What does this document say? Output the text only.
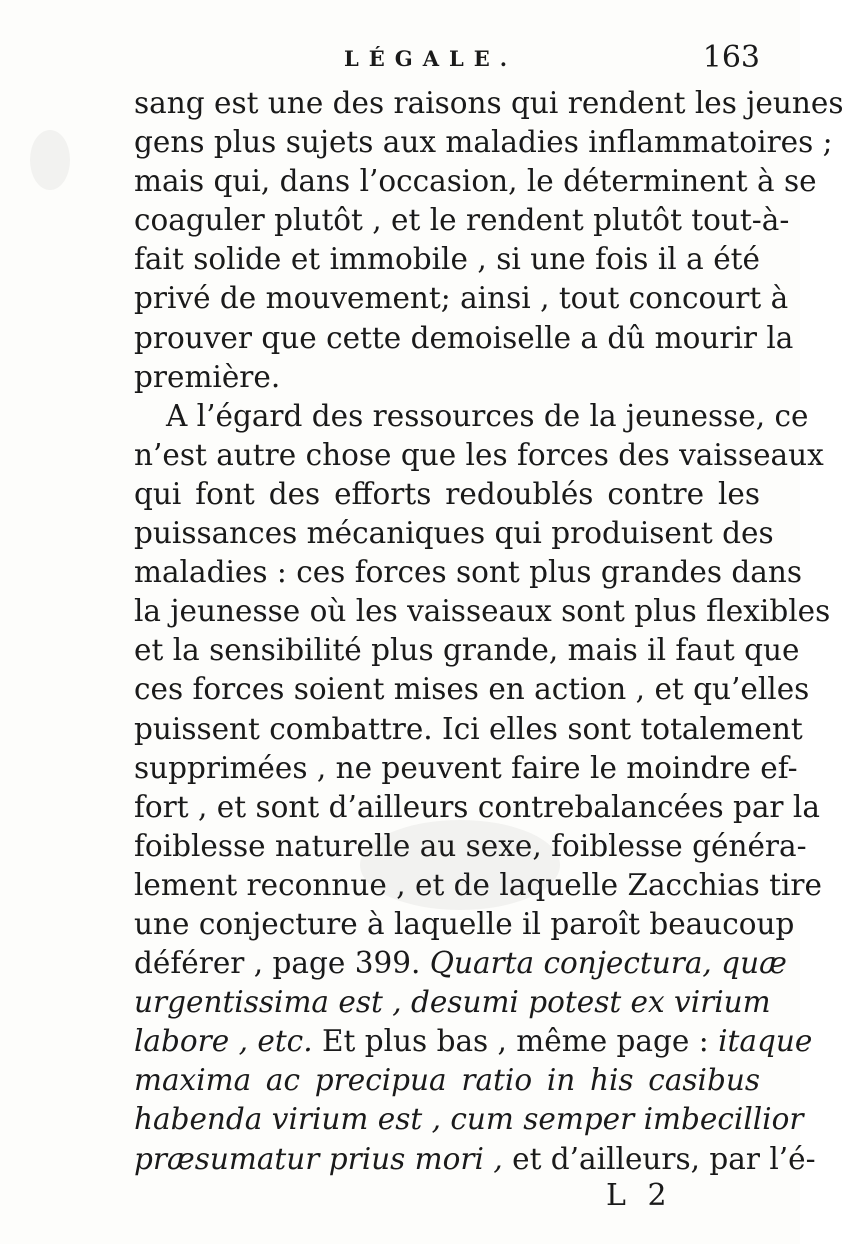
LÉGALE.	163
sang est une des raisons qui rendent les jeunes
gens plus sujets aux maladies inflammatoires ;
mais qui, dans l’occasion, le déterminent à se
coaguler plutôt , et le rendent plutôt tout-à-
fait solide et immobile , si une fois il a été
privé de mouvement; ainsi , tout concourt à
prouver que cette demoiselle a dû mourir la
première.
A l’égard des ressources de la jeunesse, ce
n’est autre chose que les forces des vaisseaux
qui font des efforts redoublés contre les
puissances mécaniques qui produisent des
maladies : ces forces sont plus grandes dans
la jeunesse où les vaisseaux sont plus flexibles
et la sensibilité plus grande, mais il faut que
ces forces soient mises en action , et qu’elles
puissent combattre. Ici elles sont totalement
supprimées , ne peuvent faire le moindre ef-
fort , et sont d’ailleurs contrebalancées par la
foiblesse naturelle au sexe, foiblesse généra-
lement reconnue , et de laquelle Zacchias tire
une conjecture à laquelle il paroît beaucoup
déférer , page 399. Quarta conjectura, quæ
urgentissima est , desumi potest ex virium
labore , etc. Et plus bas , même page : itaque
maxima ac precipua ratio in his casibus
habenda virium est , cum semper imbecillior
præsumatur prius mori , et d’ailleurs, par l’é-
L 2
